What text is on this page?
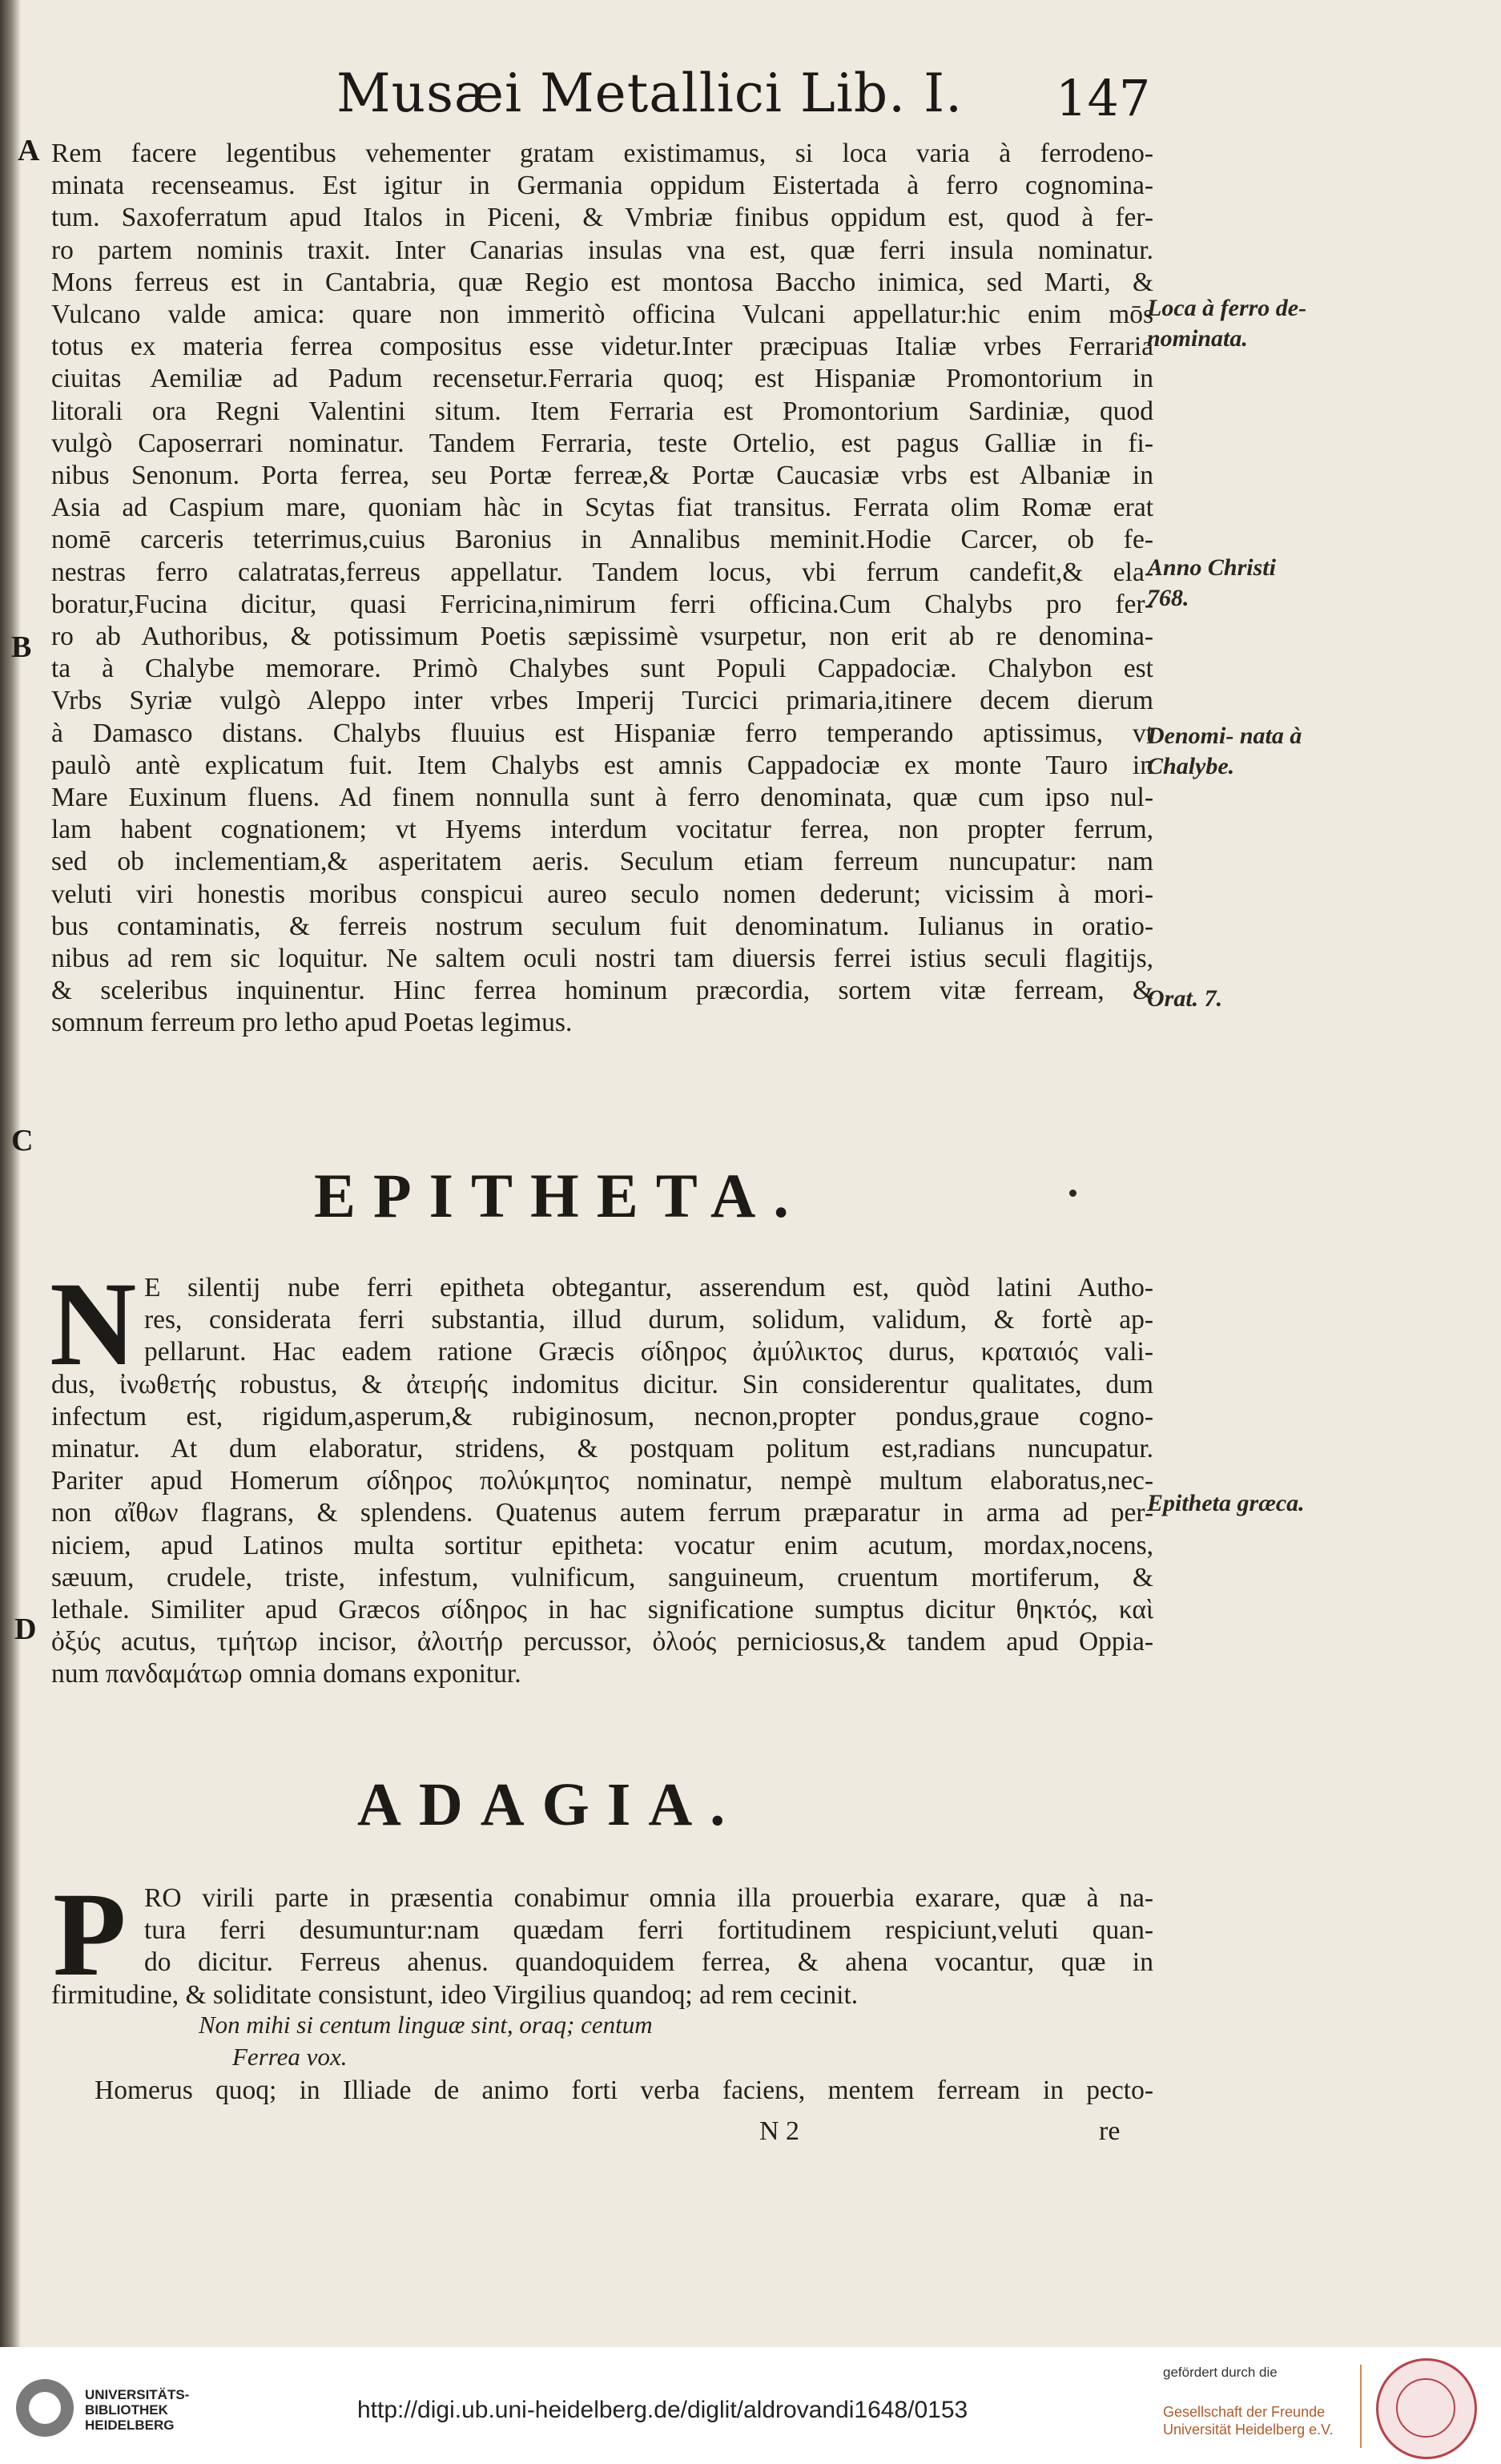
Musæi Metallici Lib. I. 147
Rem facere legentibus vehementer gratam existimamus, si loca varia à ferrodeno-
minata recenseamus. Est igitur in Germania oppidum Eistertada à ferro cognomina-
tum. Saxoferratum apud Italos in Piceni, & Vmbriæ finibus oppidum est, quod à fer-
ro partem nominis traxit. Inter Canarias insulas vna est, quæ ferri insula nominatur.
Mons ferreus est in Cantabria, quæ Regio est montosa Baccho inimica, sed Marti, &
Vulcano valde amica: quare non immeritò officina Vulcani appellatur:hic enim mōs
totus ex materia ferrea compositus esse videtur.Inter præcipuas Italiæ vrbes Ferraria
ciuitas Aemiliæ ad Padum recensetur.Ferraria quoq; est Hispaniæ Promontorium in
litorali ora Regni Valentini situm. Item Ferraria est Promontorium Sardiniæ, quod
vulgò Caposerrari nominatur. Tandem Ferraria, teste Ortelio, est pagus Galliæ in fi-
nibus Senonum. Porta ferrea, seu Portæ ferreæ,& Portæ Caucasiæ vrbs est Albaniæ in
Asia ad Caspium mare, quoniam hàc in Scytas fiat transitus. Ferrata olim Romæ erat
nomē carceris teterrimus,cuius Baronius in Annalibus meminit.Hodie Carcer, ob fe-
nestras ferro calatratas,ferreus appellatur. Tandem locus, vbi ferrum candefit,& ela-
boratur,Fucina dicitur, quasi Ferricina,nimirum ferri officina.Cum Chalybs pro fer-
ro ab Authoribus, & potissimum Poetis sæpissimè vsurpetur, non erit ab re denomina-
ta à Chalybe memorare. Primò Chalybes sunt Populi Cappadociæ. Chalybon est
Vrbs Syriæ vulgò Aleppo inter vrbes Imperij Turcici primaria,itinere decem dierum
à Damasco distans. Chalybs fluuius est Hispaniæ ferro temperando aptissimus, vt
paulò antè explicatum fuit. Item Chalybs est amnis Cappadociæ ex monte Tauro in
Mare Euxinum fluens. Ad finem nonnulla sunt à ferro denominata, quæ cum ipso nul-
lam habent cognationem; vt Hyems interdum vocitatur ferrea, non propter ferrum,
sed ob inclementiam,& asperitatem aeris. Seculum etiam ferreum nuncupatur: nam
veluti viri honestis moribus conspicui aureo seculo nomen dederunt; vicissim à mori-
bus contaminatis, & ferreis nostrum seculum fuit denominatum. Iulianus in oratio-
nibus ad rem sic loquitur. Ne saltem oculi nostri tam diuersis ferrei istius seculi flagitijs,
& sceleribus inquinentur. Hinc ferrea hominum præcordia, sortem vitæ ferream, &
somnum ferreum pro letho apud Poetas legimus.
EPITHETA.
N E silentij nube ferri epitheta obtegantur, asserendum est, quòd latini Autho-
res, considerata ferri substantia, illud durum, solidum, validum, & fortè ap-
pellarunt. Hac eadem ratione Græcis σίδηρος ἀμύλικτος durus, κραταιός vali-
dus, ἰνωθετής robustus, & ἀτειρής indomitus dicitur. Sin considerentur qualitates, dum
infectum est, rigidum,asperum,& rubiginosum, necnon,propter pondus,graue cogno-
minatur. At dum elaboratur, stridens, & postquam politum est,radians nuncupatur.
Pariter apud Homerum σίδηρος πολύκμητος nominatur, nempè multum elaboratus,nec-
non αἴθων flagrans, & splendens. Quatenus autem ferrum præparatur in arma ad per-
niciem, apud Latinos multa sortitur epitheta: vocatur enim acutum, mordax,nocens,
sæuum, crudele, triste, infestum, vulnificum, sanguineum, cruentum mortiferum, &
lethale. Similiter apud Græcos σίδηρος in hac significatione sumptus dicitur θηκτός, καὶ
ὀξύς acutus, τμήτωρ incisor, ἀλοιτήρ percussor, ὀλοός perniciosus,& tandem apud Oppia-
num πανδαμάτωρ omnia domans exponitur.
ADAGIA.
P RO virili parte in præsentia conabimur omnia illa prouerbia exarare, quæ à na-
tura ferri desumuntur:nam quædam ferri fortitudinem respiciunt,veluti quan-
do dicitur. Ferreus ahenus. quandoquidem ferrea, & ahena vocantur, quæ in
firmitudine, & soliditate consistunt, ideo Virgilius quandoq; ad rem cecinit.
Non mihi si centum linguæ sint, oraq; centum
Ferrea vox.
Homerus quoq; in Illiade de animo forti verba faciens, mentem ferream in pecto-
N 2	re
A
B
C
D
Loca à ferro de- nominata.
Anno Christi 768.
Denomi- nata à Chalybe.
Orat. 7.
Epitheta græca.
UNIVERSITÄTS- BIBLIOTHEK HEIDELBERG
http://digi.ub.uni-heidelberg.de/diglit/aldrovandi1648/0153
gefördert durch die
Gesellschaft der Freunde Universität Heidelberg e.V.
